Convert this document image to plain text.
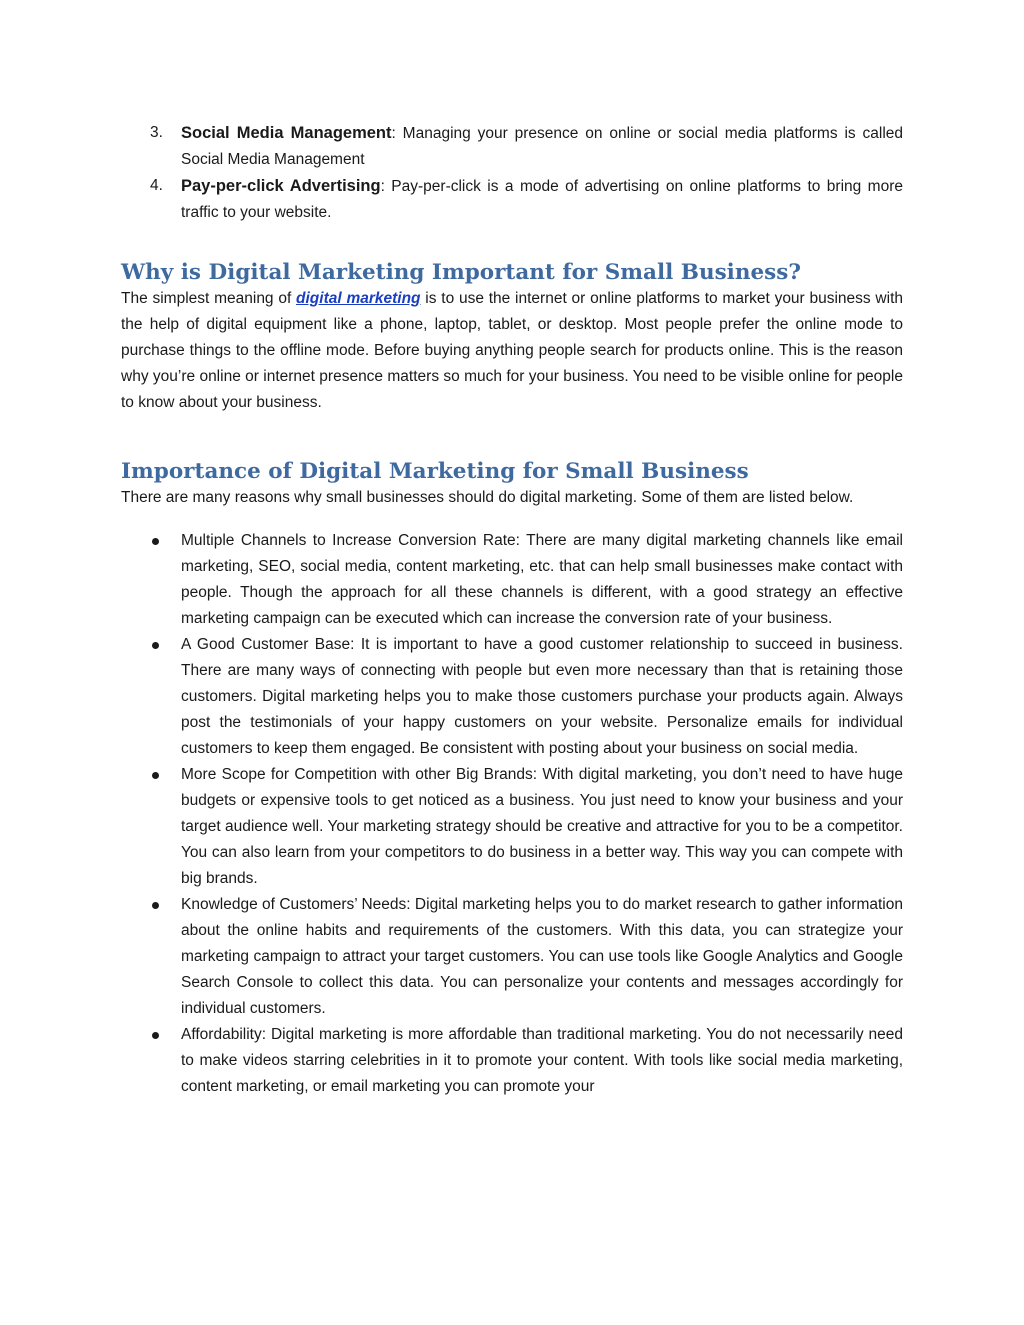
3. Social Media Management: Managing your presence on online or social media platforms is called Social Media Management
4. Pay-per-click Advertising: Pay-per-click is a mode of advertising on online platforms to bring more traffic to your website.
Why is Digital Marketing Important for Small Business?

The simplest meaning of digital marketing is to use the internet or online platforms to market your business with the help of digital equipment like a phone, laptop, tablet, or desktop. Most people prefer the online mode to purchase things to the offline mode. Before buying anything people search for products online. This is the reason why you’re online or internet presence matters so much for your business. You need to be visible online for people to know about your business.

Importance of Digital Marketing for Small Business

There are many reasons why small businesses should do digital marketing. Some of them are listed below.

Multiple Channels to Increase Conversion Rate: There are many digital marketing channels like email marketing, SEO, social media, content marketing, etc. that can help small businesses make contact with people. Though the approach for all these channels is different, with a good strategy an effective marketing campaign can be executed which can increase the conversion rate of your business.
A Good Customer Base: It is important to have a good customer relationship to succeed in business. There are many ways of connecting with people but even more necessary than that is retaining those customers. Digital marketing helps you to make those customers purchase your products again. Always post the testimonials of your happy customers on your website. Personalize emails for individual customers to keep them engaged. Be consistent with posting about your business on social media.
More Scope for Competition with other Big Brands: With digital marketing, you don’t need to have huge budgets or expensive tools to get noticed as a business. You just need to know your business and your target audience well. Your marketing strategy should be creative and attractive for you to be a competitor. You can also learn from your competitors to do business in a better way. This way you can compete with big brands.
Knowledge of Customers’ Needs: Digital marketing helps you to do market research to gather information about the online habits and requirements of the customers. With this data, you can strategize your marketing campaign to attract your target customers. You can use tools like Google Analytics and Google Search Console to collect this data. You can personalize your contents and messages accordingly for individual customers.
Affordability: Digital marketing is more affordable than traditional marketing. You do not necessarily need to make videos starring celebrities in it to promote your content. With tools like social media marketing, content marketing, or email marketing you can promote your
